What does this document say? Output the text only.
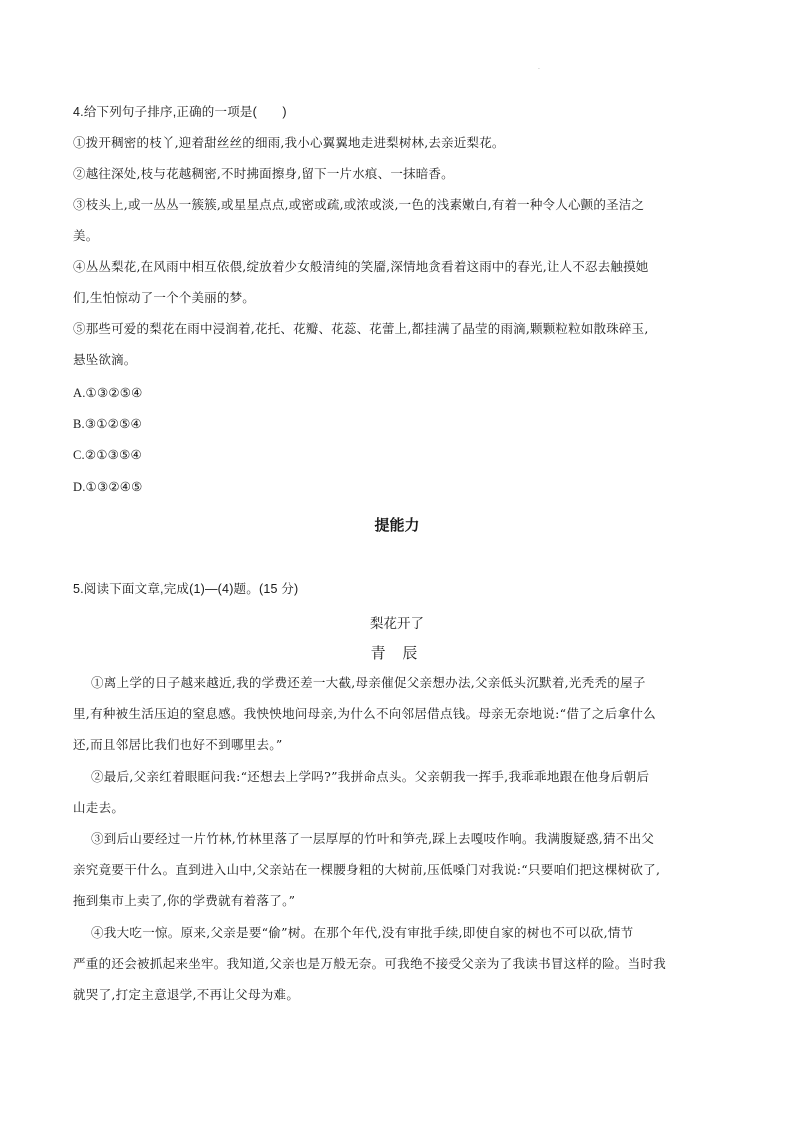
.
4.给下列句子排序,正确的一项是(　　)
①拨开稠密的枝丫,迎着甜丝丝的细雨,我小心翼翼地走进梨树林,去亲近梨花。
②越往深处,枝与花越稠密,不时拂面擦身,留下一片水痕、一抹暗香。
③枝头上,或一丛丛一簇簇,或星星点点,或密或疏,或浓或淡,一色的浅素嫩白,有着一种令人心颤的圣洁之
美。
④丛丛梨花,在风雨中相互依偎,绽放着少女般清纯的笑靥,深情地贪看着这雨中的春光,让人不忍去触摸她
们,生怕惊动了一个个美丽的梦。
⑤那些可爱的梨花在雨中浸润着,花托、花瓣、花蕊、花蕾上,都挂满了晶莹的雨滴,颗颗粒粒如散珠碎玉,
悬坠欲滴。
A.①③②⑤④
B.③①②⑤④
C.②①③⑤④
D.①③②④⑤
提能力
5.阅读下面文章,完成(1)—(4)题。(15 分)
梨花开了
青 辰
①离上学的日子越来越近,我的学费还差一大截,母亲催促父亲想办法,父亲低头沉默着,光秃秃的屋子
里,有种被生活压迫的窒息感。我怏怏地问母亲,为什么不向邻居借点钱。母亲无奈地说:“借了之后拿什么
还,而且邻居比我们也好不到哪里去。”
②最后,父亲红着眼眶问我:“还想去上学吗?”我拼命点头。父亲朝我一挥手,我乖乖地跟在他身后朝后
山走去。
③到后山要经过一片竹林,竹林里落了一层厚厚的竹叶和笋壳,踩上去嘎吱作响。我满腹疑惑,猜不出父
亲究竟要干什么。直到进入山中,父亲站在一棵腰身粗的大树前,压低嗓门对我说:“只要咱们把这棵树砍了,
拖到集市上卖了,你的学费就有着落了。”
④我大吃一惊。原来,父亲是要“偷”树。在那个年代,没有审批手续,即使自家的树也不可以砍,情节
严重的还会被抓起来坐牢。我知道,父亲也是万般无奈。可我绝不接受父亲为了我读书冒这样的险。当时我
就哭了,打定主意退学,不再让父母为难。
